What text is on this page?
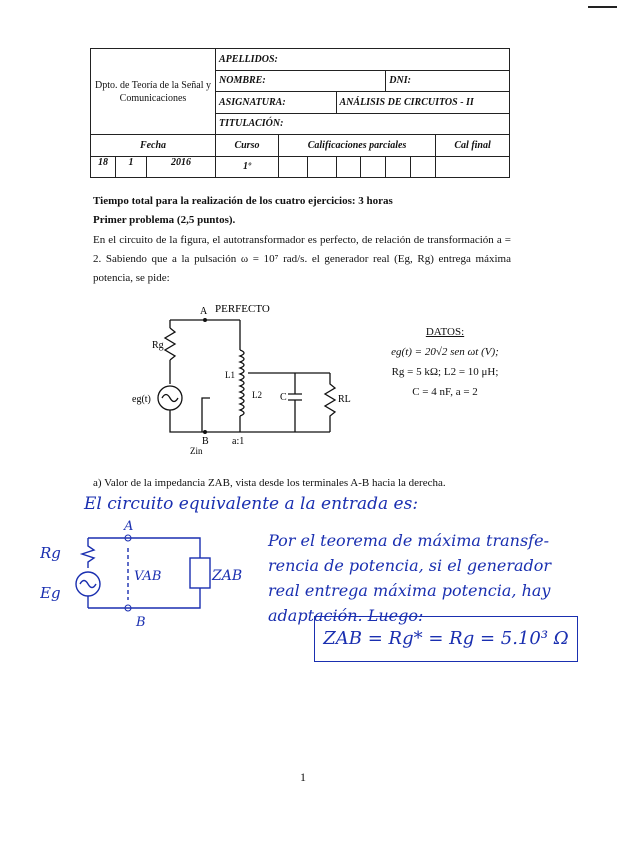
Dpto. de Teoría de la Señal y Comunicaciones	APELLIDOS:							
	NOMBRE:					DNI:		
	ASIGNATURA:			ANÁLISIS DE CIRCUITOS - II				
	TITULACIÓN:							
Fecha	Curso	Calificaciones parciales						Cal final

18 1 2016	1º							
Tiempo total para la realización de los cuatro ejercicios: 3 horas
Primer problema (2,5 puntos).
En el circuito de la figura, el autotransformador es perfecto, de relación de transformación a = 2. Sabiendo que a la pulsación ω = 10⁷ rad/s. el generador real (Eg, Rg) entrega máxima potencia, se pide:
A PERFECTO
Rg
eg(t)
B
Zin
L1
L2 C	RL
a:1
DATOS:
eg(t) = 20√2 sen ωt (V);
Rg = 5 kΩ; L2 = 10 μH;
C = 4 nF, a = 2
a) Valor de la impedancia ZAB, vista desde los terminales A-B hacia la derecha.
El circuito equivalente a la entrada es:
A
B
Rg
Eg
VAB	ZAB
Por el teorema de máxima transfe-
rencia de potencia, si el generador
real entrega máxima potencia, hay
adaptación. Luego:
ZAB = Rg* = Rg = 5.10³ Ω
1
